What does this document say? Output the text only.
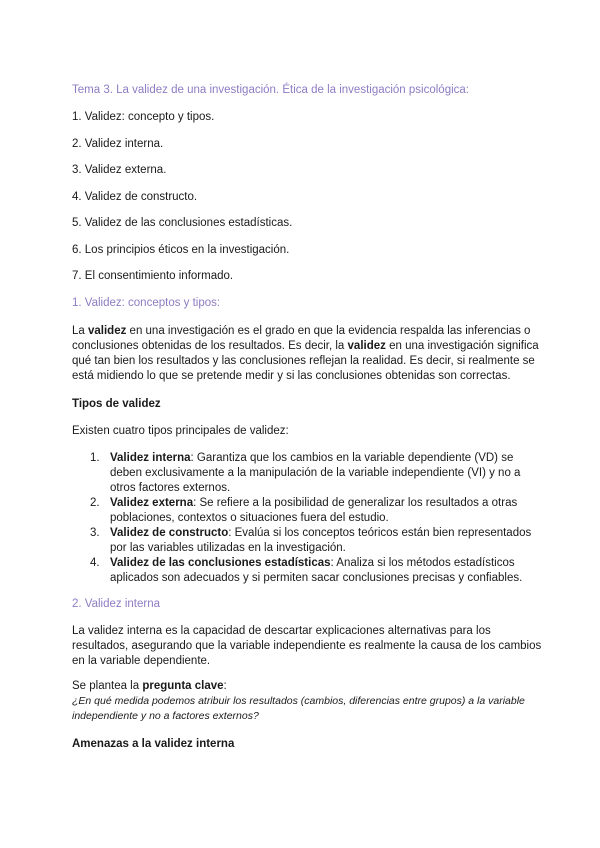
Tema 3. La validez de una investigación. Ética de la investigación psicológica:
1. Validez: concepto y tipos.
2. Validez interna.
3. Validez externa.
4. Validez de constructo.
5. Validez de las conclusiones estadísticas.
6. Los principios éticos en la investigación.
7. El consentimiento informado.
1. Validez: conceptos y tipos:
La validez en una investigación es el grado en que la evidencia respalda las inferencias o conclusiones obtenidas de los resultados. Es decir, la validez en una investigación significa qué tan bien los resultados y las conclusiones reflejan la realidad. Es decir, si realmente se está midiendo lo que se pretende medir y si las conclusiones obtenidas son correctas.
Tipos de validez
Existen cuatro tipos principales de validez:
1. Validez interna: Garantiza que los cambios en la variable dependiente (VD) se deben exclusivamente a la manipulación de la variable independiente (VI) y no a otros factores externos.
2. Validez externa: Se refiere a la posibilidad de generalizar los resultados a otras poblaciones, contextos o situaciones fuera del estudio.
3. Validez de constructo: Evalúa si los conceptos teóricos están bien representados por las variables utilizadas en la investigación.
4. Validez de las conclusiones estadísticas: Analiza si los métodos estadísticos aplicados son adecuados y si permiten sacar conclusiones precisas y confiables.
2. Validez interna
La validez interna es la capacidad de descartar explicaciones alternativas para los resultados, asegurando que la variable independiente es realmente la causa de los cambios en la variable dependiente.
Se plantea la pregunta clave:
¿En qué medida podemos atribuir los resultados (cambios, diferencias entre grupos) a la variable independiente y no a factores externos?
Amenazas a la validez interna
